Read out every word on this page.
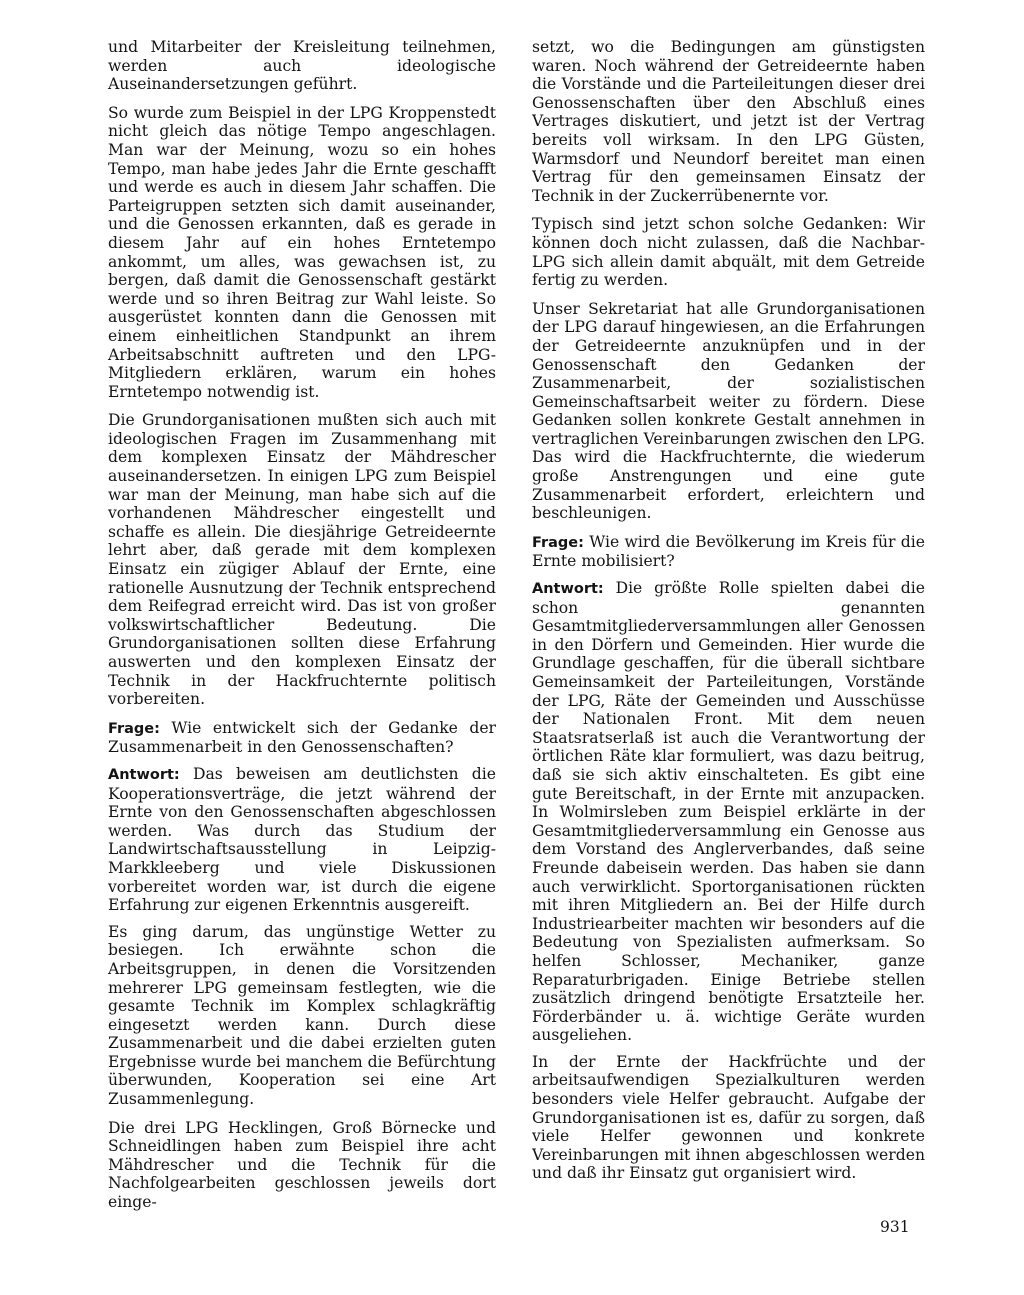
und Mitarbeiter der Kreisleitung teilnehmen, werden auch ideologische Auseinandersetzungen geführt.

So wurde zum Beispiel in der LPG Kroppenstedt nicht gleich das nötige Tempo angeschlagen. Man war der Meinung, wozu so ein hohes Tempo, man habe jedes Jahr die Ernte geschafft und werde es auch in diesem Jahr schaffen. Die Parteigruppen setzten sich damit auseinander, und die Genossen erkannten, daß es gerade in diesem Jahr auf ein hohes Erntetempo ankommt, um alles, was gewachsen ist, zu bergen, daß damit die Genossenschaft gestärkt werde und so ihren Beitrag zur Wahl leiste. So ausgerüstet konnten dann die Genossen mit einem einheitlichen Standpunkt an ihrem Arbeitsabschnitt auftreten und den LPG-Mitgliedern erklären, warum ein hohes Erntetempo notwendig ist.

Die Grundorganisationen mußten sich auch mit ideologischen Fragen im Zusammenhang mit dem komplexen Einsatz der Mähdrescher auseinandersetzen. In einigen LPG zum Beispiel war man der Meinung, man habe sich auf die vorhandenen Mähdrescher eingestellt und schaffe es allein. Die diesjährige Getreideernte lehrt aber, daß gerade mit dem komplexen Einsatz ein zügiger Ablauf der Ernte, eine rationelle Ausnutzung der Technik entsprechend dem Reifegrad erreicht wird. Das ist von großer volkswirtschaftlicher Bedeutung. Die Grundorganisationen sollten diese Erfahrung auswerten und den komplexen Einsatz der Technik in der Hackfruchternte politisch vorbereiten.

Frage: Wie entwickelt sich der Gedanke der Zusammenarbeit in den Genossenschaften?

Antwort: Das beweisen am deutlichsten die Kooperationsverträge, die jetzt während der Ernte von den Genossenschaften abgeschlossen werden. Was durch das Studium der Landwirtschaftsausstellung in Leipzig-Markkleeberg und viele Diskussionen vorbereitet worden war, ist durch die eigene Erfahrung zur eigenen Erkenntnis ausgereift.

Es ging darum, das ungünstige Wetter zu besiegen. Ich erwähnte schon die Arbeitsgruppen, in denen die Vorsitzenden mehrerer LPG gemeinsam festlegten, wie die gesamte Technik im Komplex schlagkräftig eingesetzt werden kann. Durch diese Zusammenarbeit und die dabei erzielten guten Ergebnisse wurde bei manchem die Befürchtung überwunden, Kooperation sei eine Art Zusammenlegung.

Die drei LPG Hecklingen, Groß Börnecke und Schneidlingen haben zum Beispiel ihre acht Mähdrescher und die Technik für die Nachfolgearbeiten geschlossen jeweils dort einge-

setzt, wo die Bedingungen am günstigsten waren. Noch während der Getreideernte haben die Vorstände und die Parteileitungen dieser drei Genossenschaften über den Abschluß eines Vertrages diskutiert, und jetzt ist der Vertrag bereits voll wirksam. In den LPG Güsten, Warmsdorf und Neundorf bereitet man einen Vertrag für den gemeinsamen Einsatz der Technik in der Zuckerrübenernte vor.

Typisch sind jetzt schon solche Gedanken: Wir können doch nicht zulassen, daß die Nachbar-LPG sich allein damit abquält, mit dem Getreide fertig zu werden.

Unser Sekretariat hat alle Grundorganisationen der LPG darauf hingewiesen, an die Erfahrungen der Getreideernte anzuknüpfen und in der Genossenschaft den Gedanken der Zusammenarbeit, der sozialistischen Gemeinschaftsarbeit weiter zu fördern. Diese Gedanken sollen konkrete Gestalt annehmen in vertraglichen Vereinbarungen zwischen den LPG. Das wird die Hackfruchternte, die wiederum große Anstrengungen und eine gute Zusammenarbeit erfordert, erleichtern und beschleunigen.

Frage: Wie wird die Bevölkerung im Kreis für die Ernte mobilisiert?

Antwort: Die größte Rolle spielten dabei die schon genannten Gesamtmitgliederversammlungen aller Genossen in den Dörfern und Gemeinden. Hier wurde die Grundlage geschaffen, für die überall sichtbare Gemeinsamkeit der Parteileitungen, Vorstände der LPG, Räte der Gemeinden und Ausschüsse der Nationalen Front. Mit dem neuen Staatsratserlaß ist auch die Verantwortung der örtlichen Räte klar formuliert, was dazu beitrug, daß sie sich aktiv einschalteten. Es gibt eine gute Bereitschaft, in der Ernte mit anzupacken. In Wolmirsleben zum Beispiel erklärte in der Gesamtmitgliederversammlung ein Genosse aus dem Vorstand des Anglerverbandes, daß seine Freunde dabeisein werden. Das haben sie dann auch verwirklicht. Sportorganisationen rückten mit ihren Mitgliedern an. Bei der Hilfe durch Industriearbeiter machten wir besonders auf die Bedeutung von Spezialisten aufmerksam. So helfen Schlosser, Mechaniker, ganze Reparaturbrigaden. Einige Betriebe stellen zusätzlich dringend benötigte Ersatzteile her. Förderbänder u. ä. wichtige Geräte wurden ausgeliehen.

In der Ernte der Hackfrüchte und der arbeitsaufwendigen Spezialkulturen werden besonders viele Helfer gebraucht. Aufgabe der Grundorganisationen ist es, dafür zu sorgen, daß viele Helfer gewonnen und konkrete Vereinbarungen mit ihnen abgeschlossen werden und daß ihr Einsatz gut organisiert wird.

931
